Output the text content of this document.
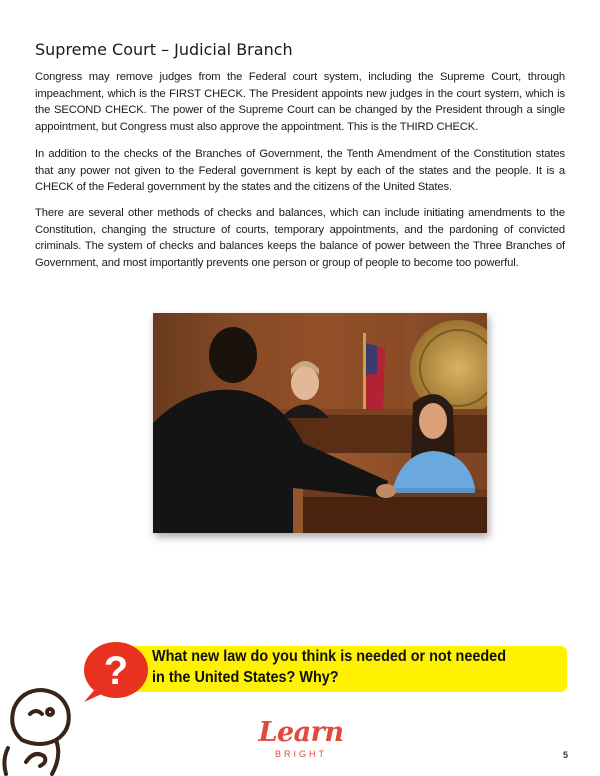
Supreme Court – Judicial Branch

Congress may remove judges from the Federal court system, including the Supreme Court, through impeachment, which is the FIRST CHECK. The President appoints new judges in the court system, which is the SECOND CHECK. The power of the Supreme Court can be changed by the President through a single appointment, but Congress must also approve the appointment. This is the THIRD CHECK.

In addition to the checks of the Branches of Government, the Tenth Amendment of the Constitution states that any power not given to the Federal government is kept by each of the states and the people. It is a CHECK of the Federal government by the states and the citizens of the United States.

There are several other methods of checks and balances, which can include initiating amendments to the Constitution, changing the structure of courts, temporary appointments, and the pardoning of convicted criminals. The system of checks and balances keeps the balance of power between the Three Branches of Government, and most importantly prevents one person or group of people to become too powerful.

? What new law do you think is needed or not needed
in the United States? Why?
Learn
BRIGHT	5
